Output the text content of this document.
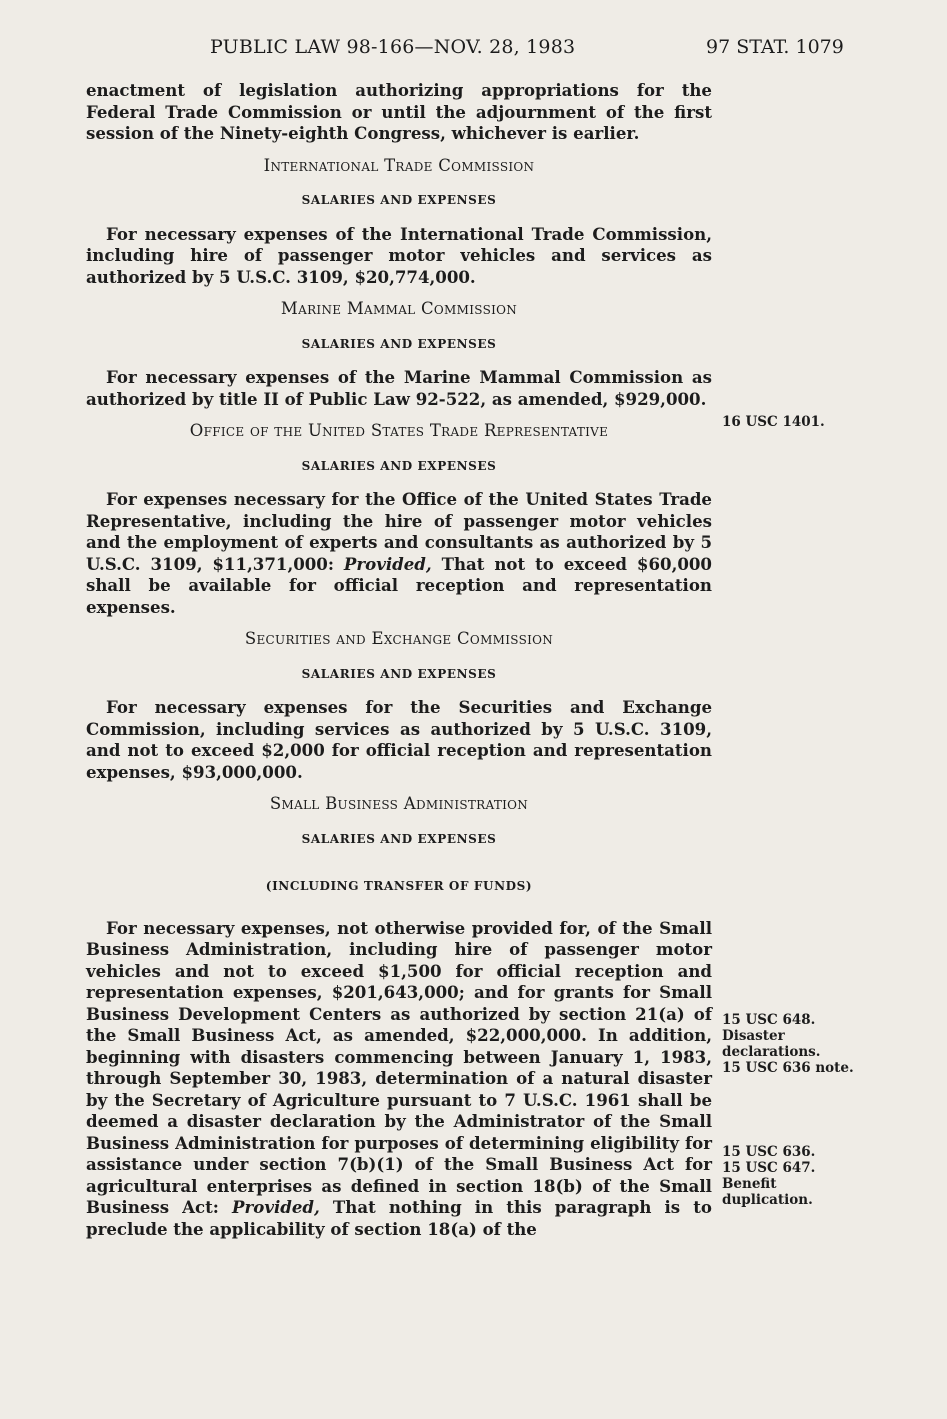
PUBLIC LAW 98-166—NOV. 28, 1983	97 STAT. 1079

enactment of legislation authorizing appropriations for the Federal Trade Commission or until the adjournment of the first session of the Ninety-eighth Congress, whichever is earlier.

International Trade Commission
SALARIES AND EXPENSES

For necessary expenses of the International Trade Commission, including hire of passenger motor vehicles and services as authorized by 5 U.S.C. 3109, $20,774,000.

Marine Mammal Commission
SALARIES AND EXPENSES

For necessary expenses of the Marine Mammal Commission as authorized by title II of Public Law 92-522, as amended, $929,000.

Office of the United States Trade Representative
SALARIES AND EXPENSES

For expenses necessary for the Office of the United States Trade Representative, including the hire of passenger motor vehicles and the employment of experts and consultants as authorized by 5 U.S.C. 3109, $11,371,000: Provided, That not to exceed $60,000 shall be available for official reception and representation expenses.

Securities and Exchange Commission
SALARIES AND EXPENSES

For necessary expenses for the Securities and Exchange Commission, including services as authorized by 5 U.S.C. 3109, and not to exceed $2,000 for official reception and representation expenses, $93,000,000.

Small Business Administration
SALARIES AND EXPENSES
(INCLUDING TRANSFER OF FUNDS)

For necessary expenses, not otherwise provided for, of the Small Business Administration, including hire of passenger motor vehicles and not to exceed $1,500 for official reception and representation expenses, $201,643,000; and for grants for Small Business Development Centers as authorized by section 21(a) of the Small Business Act, as amended, $22,000,000. In addition, beginning with disasters commencing between January 1, 1983, through September 30, 1983, determination of a natural disaster by the Secretary of Agriculture pursuant to 7 U.S.C. 1961 shall be deemed a disaster declaration by the Administrator of the Small Business Administration for purposes of determining eligibility for assistance under section 7(b)(1) of the Small Business Act for agricultural enterprises as defined in section 18(b) of the Small Business Act: Provided, That nothing in this paragraph is to preclude the applicability of section 18(a) of the

16 USC 1401.
15 USC 648.
Disaster declarations.
15 USC 636 note.
15 USC 636.
15 USC 647.
Benefit duplication.
